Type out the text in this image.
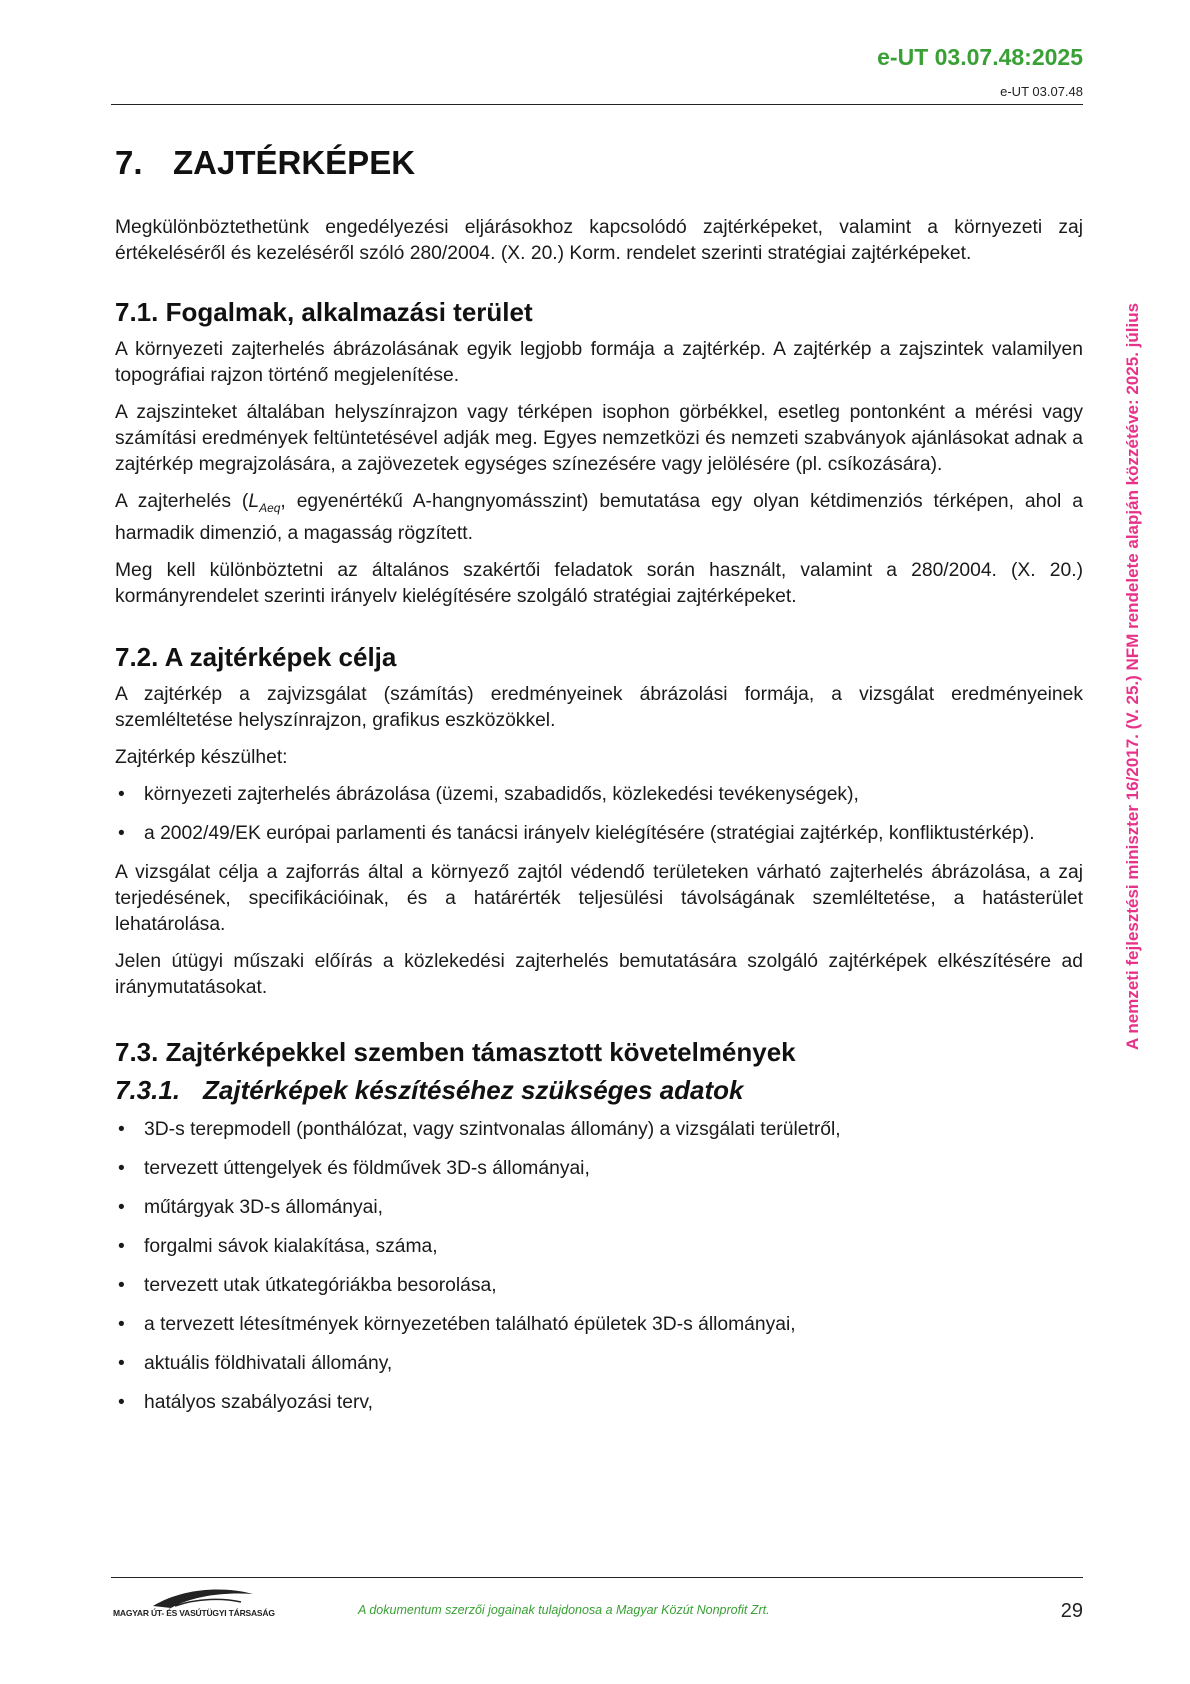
e-UT 03.07.48:2025
e-UT 03.07.48
A nemzeti fejlesztési miniszter 16/2017. (V. 25.) NFM rendelete alapján közzétéve: 2025. július
7. ZAJTÉRKÉPEK

Megkülönböztethetünk engedélyezési eljárásokhoz kapcsolódó zajtérképeket, valamint a környezeti zaj értékeléséről és kezeléséről szóló 280/2004. (X. 20.) Korm. rendelet szerinti stratégiai zajtérképeket.

7.1. Fogalmak, alkalmazási terület

A környezeti zajterhelés ábrázolásának egyik legjobb formája a zajtérkép. A zajtérkép a zajszintek valamilyen topográfiai rajzon történő megjelenítése.

A zajszinteket általában helyszínrajzon vagy térképen isophon görbékkel, esetleg pontonként a mérési vagy számítási eredmények feltüntetésével adják meg. Egyes nemzetközi és nemzeti szabványok ajánlásokat adnak a zajtérkép megrajzolására, a zajövezetek egységes színezésére vagy jelölésére (pl. csíkozására).

A zajterhelés ($L_{Aeq}$, egyenértékű A-hangnyomásszint) bemutatása egy olyan kétdimenziós térképen, ahol a harmadik dimenzió, a magasság rögzített.

Meg kell különböztetni az általános szakértői feladatok során használt, valamint a 280/2004. (X. 20.) kormányrendelet szerinti irányelv kielégítésére szolgáló stratégiai zajtérképeket.

7.2. A zajtérképek célja

A zajtérkép a zajvizsgálat (számítás) eredményeinek ábrázolási formája, a vizsgálat eredményeinek szemléltetése helyszínrajzon, grafikus eszközökkel.

Zajtérkép készülhet:

• környezeti zajterhelés ábrázolása (üzemi, szabadidős, közlekedési tevékenységek),
• a 2002/49/EK európai parlamenti és tanácsi irányelv kielégítésére (stratégiai zajtérkép, konfliktustérkép).

A vizsgálat célja a zajforrás által a környező zajtól védendő területeken várható zajterhelés ábrázolása, a zaj terjedésének, specifikációinak, és a határérték teljesülési távolságának szemléltetése, a hatásterület lehatárolása.

Jelen útügyi műszaki előírás a közlekedési zajterhelés bemutatására szolgáló zajtérképek elkészítésére ad iránymutatásokat.

7.3. Zajtérképekkel szemben támasztott követelmények
7.3.1. Zajtérképek készítéséhez szükséges adatok
• 3D-s terepmodell (ponthálózat, vagy szintvonalas állomány) a vizsgálati területről,
• tervezett úttengelyek és földművek 3D-s állományai,
• műtárgyak 3D-s állományai,
• forgalmi sávok kialakítása, száma,
• tervezett utak útkategóriákba besorolása,
• a tervezett létesítmények környezetében található épületek 3D-s állományai,
• aktuális földhivatali állomány,
• hatályos szabályozási terv,
MAGYAR ÚT- ÉS VASÚTÜGYI TÁRSASÁG	A dokumentum szerzői jogainak tulajdonosa a Magyar Közút Nonprofit Zrt.	29
